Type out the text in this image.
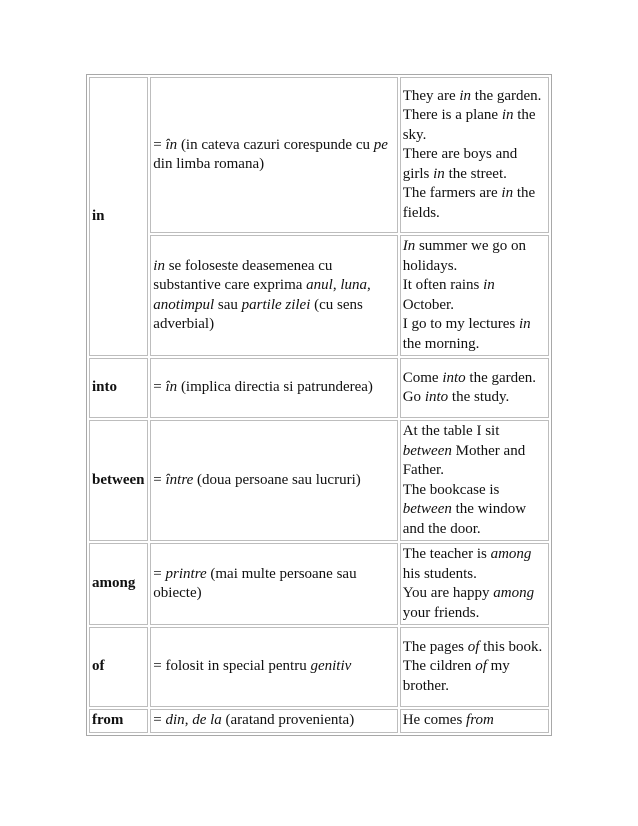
in	= în (in cateva cazuri corespunde cu pe din limba romana)	They are in the garden.
There is a plane in the sky.
There are boys and girls in the street.
The farmers are in the fields.

	in se foloseste deasemenea cu substantive care exprima anul, luna, anotimpul sau partile zilei (cu sens adverbial)	In summer we go on holidays.
It often rains in October.
I go to my lectures in the morning.

into	= în (implica directia si patrunderea)	Come into the garden.
Go into the study.

between	= între (doua persoane sau lucruri)	At the table I sit between Mother and Father.
The bookcase is between the window and the door.

among	= printre (mai multe persoane sau obiecte)	The teacher is among his students.
You are happy among your friends.

of	= folosit in special pentru genitiv	The pages of this book.
The cildren of my brother.

from	= din, de la (aratand provenienta)	He comes from
